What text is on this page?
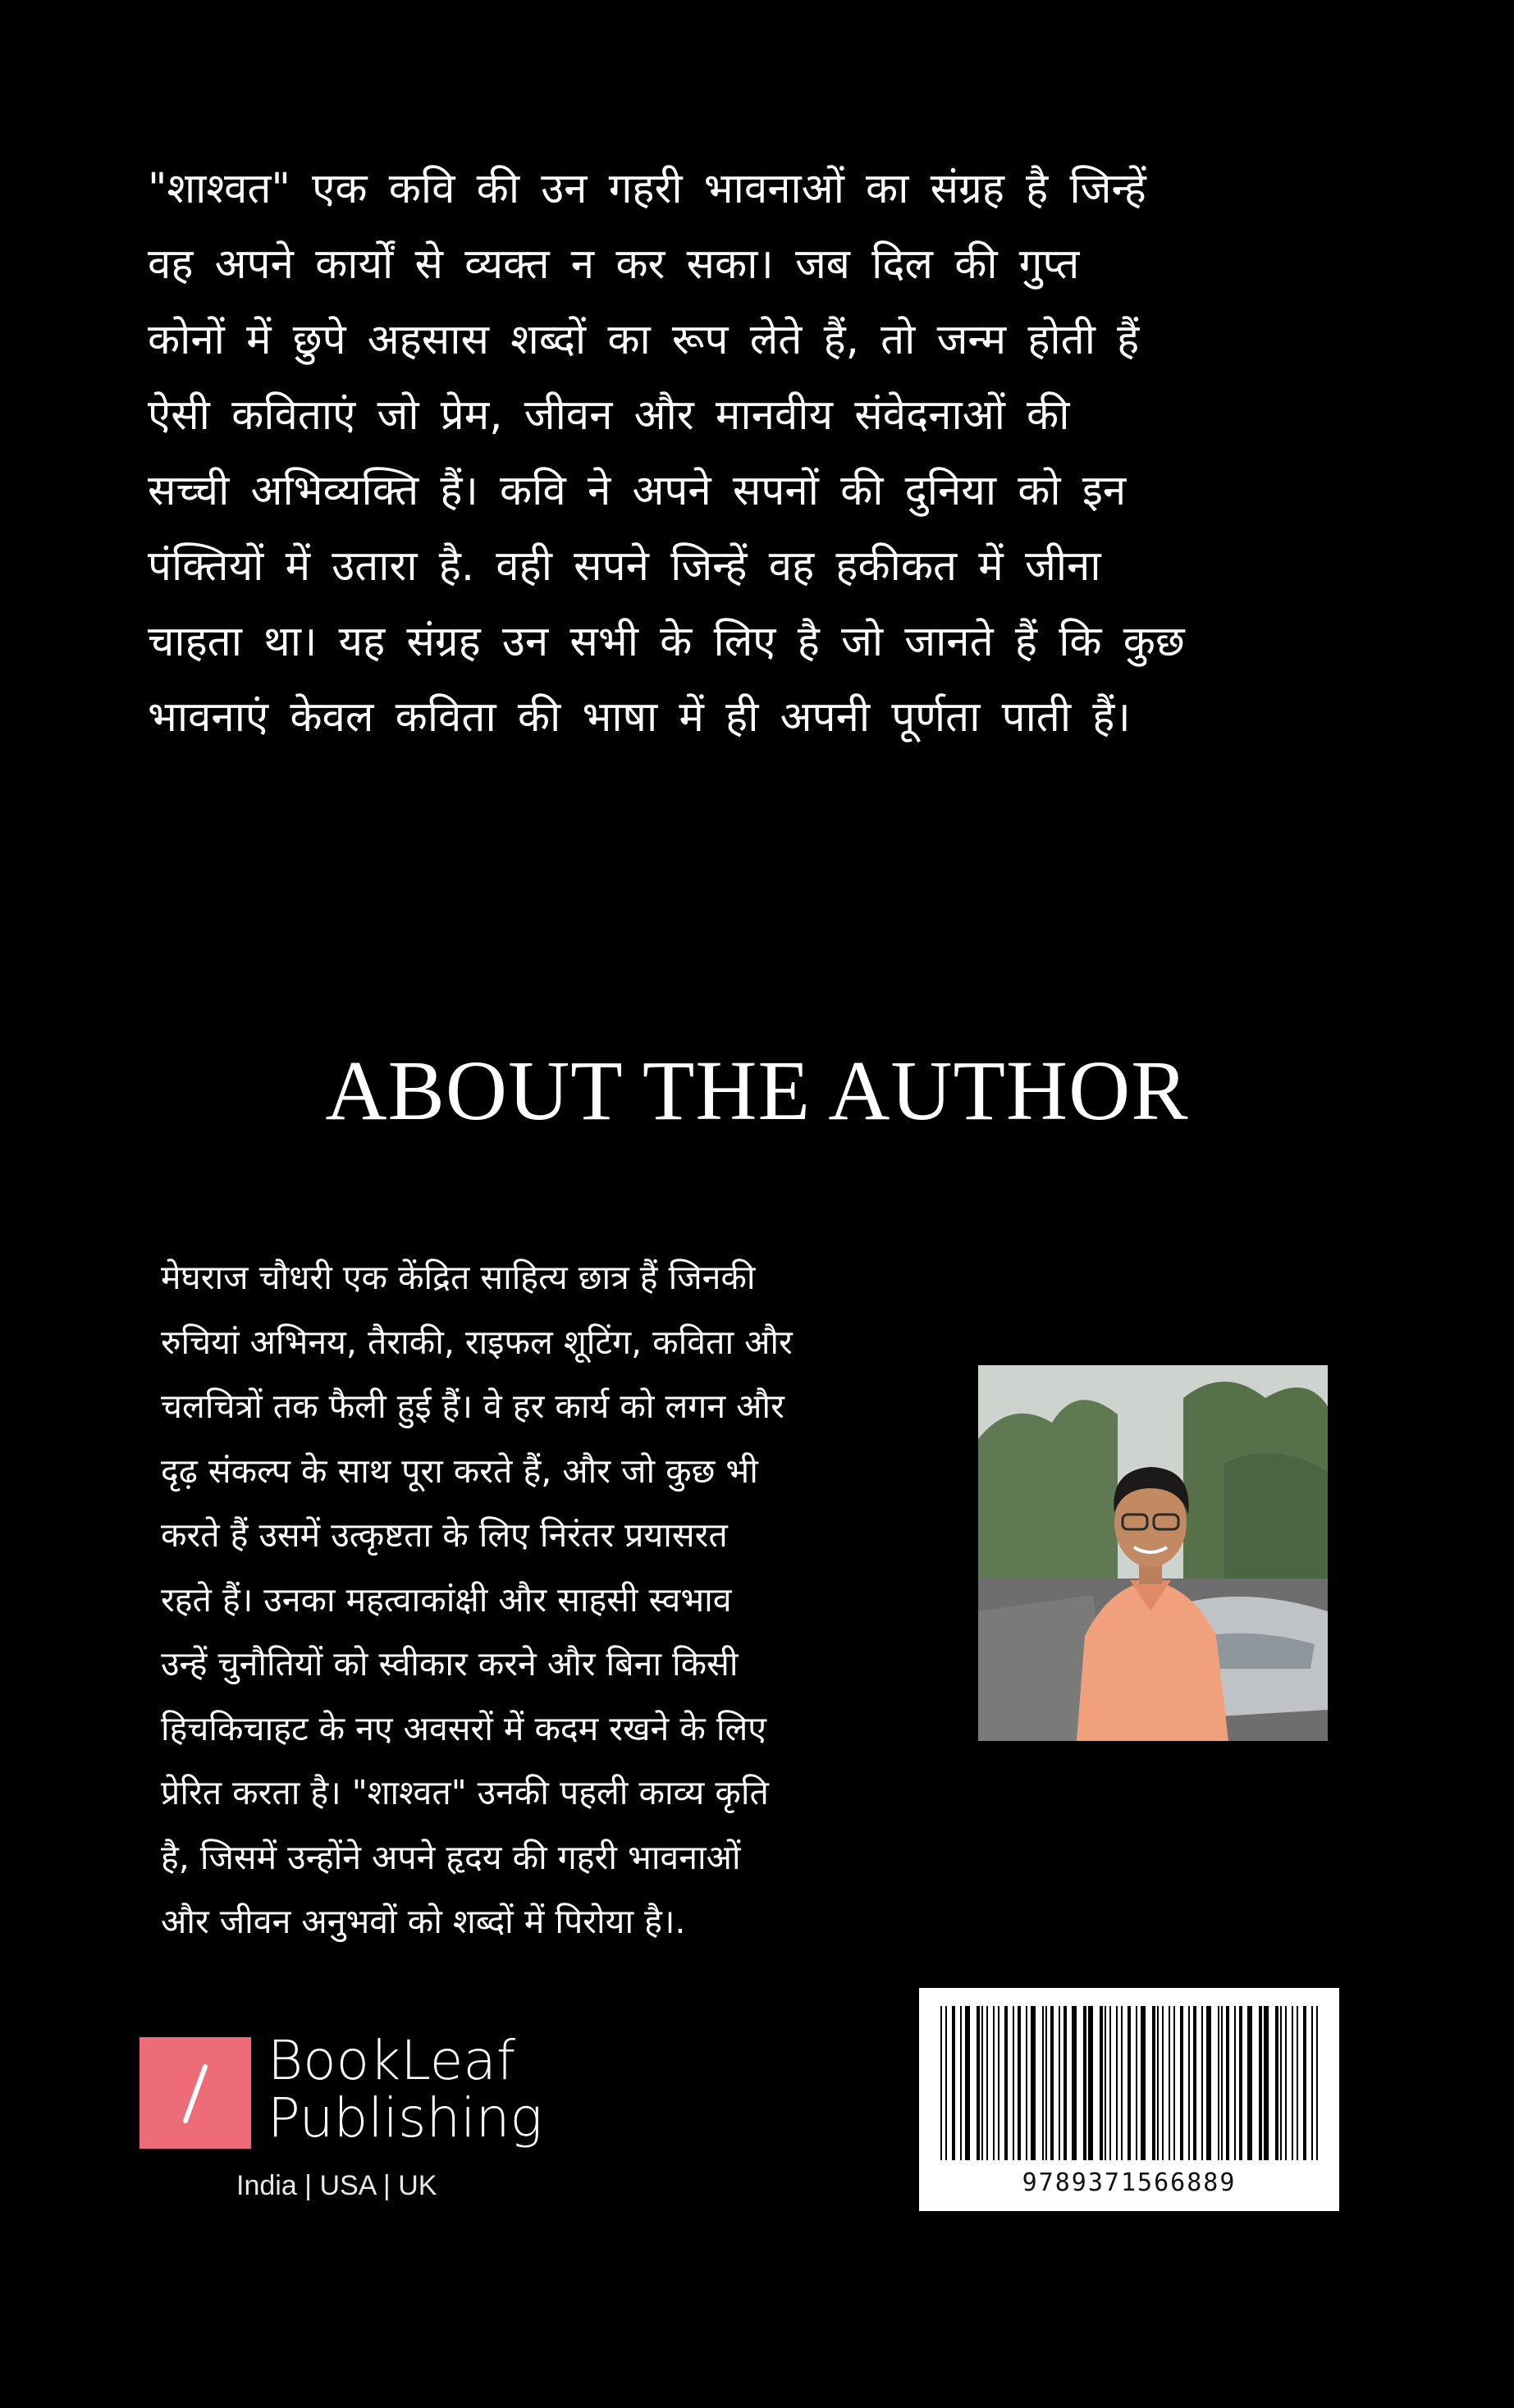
"शाश्वत" एक कवि की उन गहरी भावनाओं का संग्रह है जिन्हें
वह अपने कार्यों से व्यक्त न कर सका। जब दिल की गुप्त
कोनों में छुपे अहसास शब्दों का रूप लेते हैं, तो जन्म होती हैं
ऐसी कविताएं जो प्रेम, जीवन और मानवीय संवेदनाओं की
सच्ची अभिव्यक्ति हैं। कवि ने अपने सपनों की दुनिया को इन
पंक्तियों में उतारा है. वही सपने जिन्हें वह हकीकत में जीना
चाहता था। यह संग्रह उन सभी के लिए है जो जानते हैं कि कुछ
भावनाएं केवल कविता की भाषा में ही अपनी पूर्णता पाती हैं।
ABOUT THE AUTHOR
मेघराज चौधरी एक केंद्रित साहित्य छात्र हैं जिनकी
रुचियां अभिनय, तैराकी, राइफल शूटिंग, कविता और
चलचित्रों तक फैली हुई हैं। वे हर कार्य को लगन और
दृढ़ संकल्प के साथ पूरा करते हैं, और जो कुछ भी
करते हैं उसमें उत्कृष्टता के लिए निरंतर प्रयासरत
रहते हैं। उनका महत्वाकांक्षी और साहसी स्वभाव
उन्हें चुनौतियों को स्वीकार करने और बिना किसी
हिचकिचाहट के नए अवसरों में कदम रखने के लिए
प्रेरित करता है। "शाश्वत" उनकी पहली काव्य कृति
है, जिसमें उन्होंने अपने हृदय की गहरी भावनाओं
और जीवन अनुभवों को शब्दों में पिरोया है।.
BookLeaf
Publishing
India | USA | UK	9789371566889
